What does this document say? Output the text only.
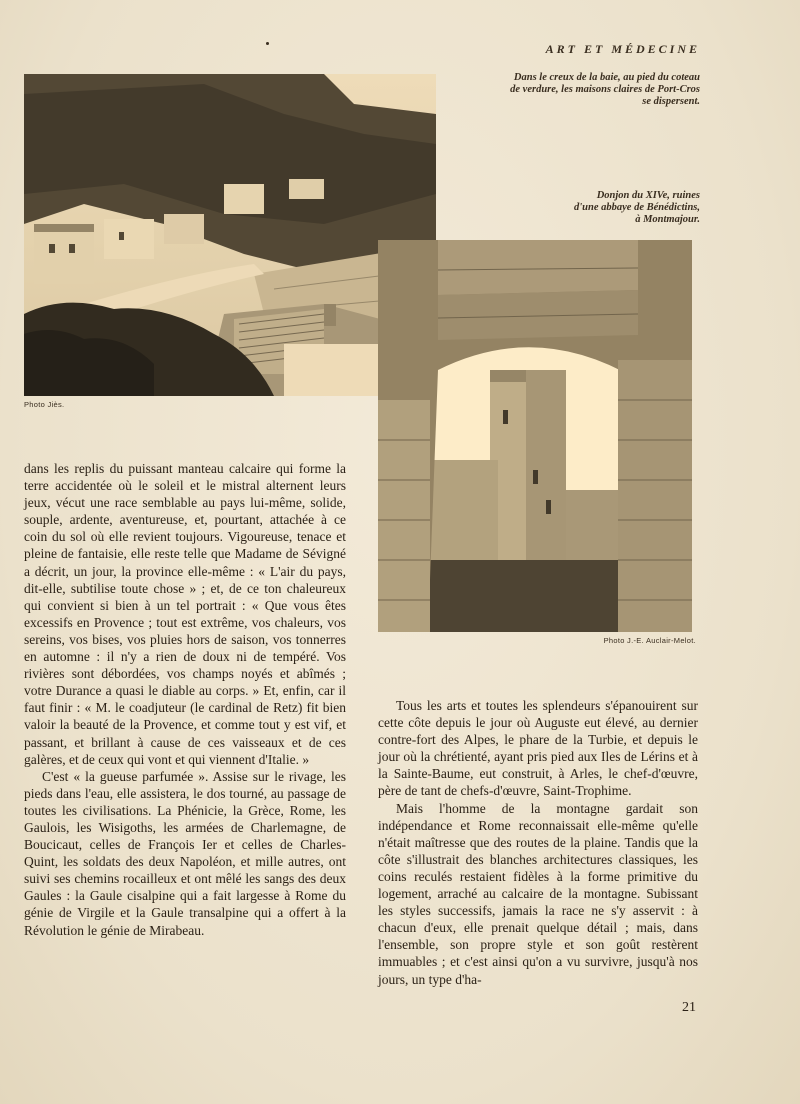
ART ET MÉDECINE
Photo Jiès.
Dans le creux de la baie, au pied du coteau de verdure, les maisons claires de Port-Cros se dispersent.
Donjon du XIVe, ruines d'une abbaye de Bénédictins, à Montmajour.
Photo J.-E. Auclair-Melot.

dans les replis du puissant manteau calcaire qui forme la terre accidentée où le soleil et le mistral alternent leurs jeux, vécut une race semblable au pays lui-même, solide, souple, ardente, aventureuse, et, pourtant, attachée à ce coin du sol où elle revient toujours. Vigoureuse, tenace et pleine de fantaisie, elle reste telle que Madame de Sévigné a décrit, un jour, la province elle-même : « L'air du pays, dit-elle, subtilise toute chose » ; et, de ce ton chaleureux qui convient si bien à un tel portrait : « Que vous êtes excessifs en Provence ; tout est extrême, vos chaleurs, vos sereins, vos bises, vos pluies hors de saison, vos tonnerres en automne : il n'y a rien de doux ni de tempéré. Vos rivières sont débordées, vos champs noyés et abîmés ; votre Durance a quasi le diable au corps. » Et, enfin, car il faut finir : « M. le coadjuteur (le cardinal de Retz) fit bien valoir la beauté de la Provence, et comme tout y est vif, et passant, et brillant à cause de ces vaisseaux et de ces galères, et de ceux qui vont et qui viennent d'Italie. »

C'est « la gueuse parfumée ». Assise sur le rivage, les pieds dans l'eau, elle assistera, le dos tourné, au passage de toutes les civilisations. La Phénicie, la Grèce, Rome, les Gaulois, les Wisigoths, les armées de Charlemagne, de Boucicaut, celles de François Ier et celles de Charles-Quint, les soldats des deux Napoléon, et mille autres, ont suivi ses chemins rocailleux et ont mêlé les sangs des deux Gaules : la Gaule cisalpine qui a fait largesse à Rome du génie de Virgile et la Gaule transalpine qui a offert à la Révolution le génie de Mirabeau.

Tous les arts et toutes les splendeurs s'épanouirent sur cette côte depuis le jour où Auguste eut élevé, au dernier contre-fort des Alpes, le phare de la Turbie, et depuis le jour où la chrétienté, ayant pris pied aux Iles de Lérins et à la Sainte-Baume, eut construit, à Arles, le chef-d'œuvre, père de tant de chefs-d'œuvre, Saint-Trophime.

Mais l'homme de la montagne gardait son indépendance et Rome reconnaissait elle-même qu'elle n'était maîtresse que des routes de la plaine. Tandis que la côte s'illustrait des blanches architectures classiques, les coins reculés restaient fidèles à la forme primitive du logement, arraché au calcaire de la montagne. Subissant les styles successifs, jamais la race ne s'y asservit : à chacun d'eux, elle prenait quelque détail ; mais, dans l'ensemble, son propre style et son goût restèrent immuables ; et c'est ainsi qu'on a vu survivre, jusqu'à nos jours, un type d'ha-

21
